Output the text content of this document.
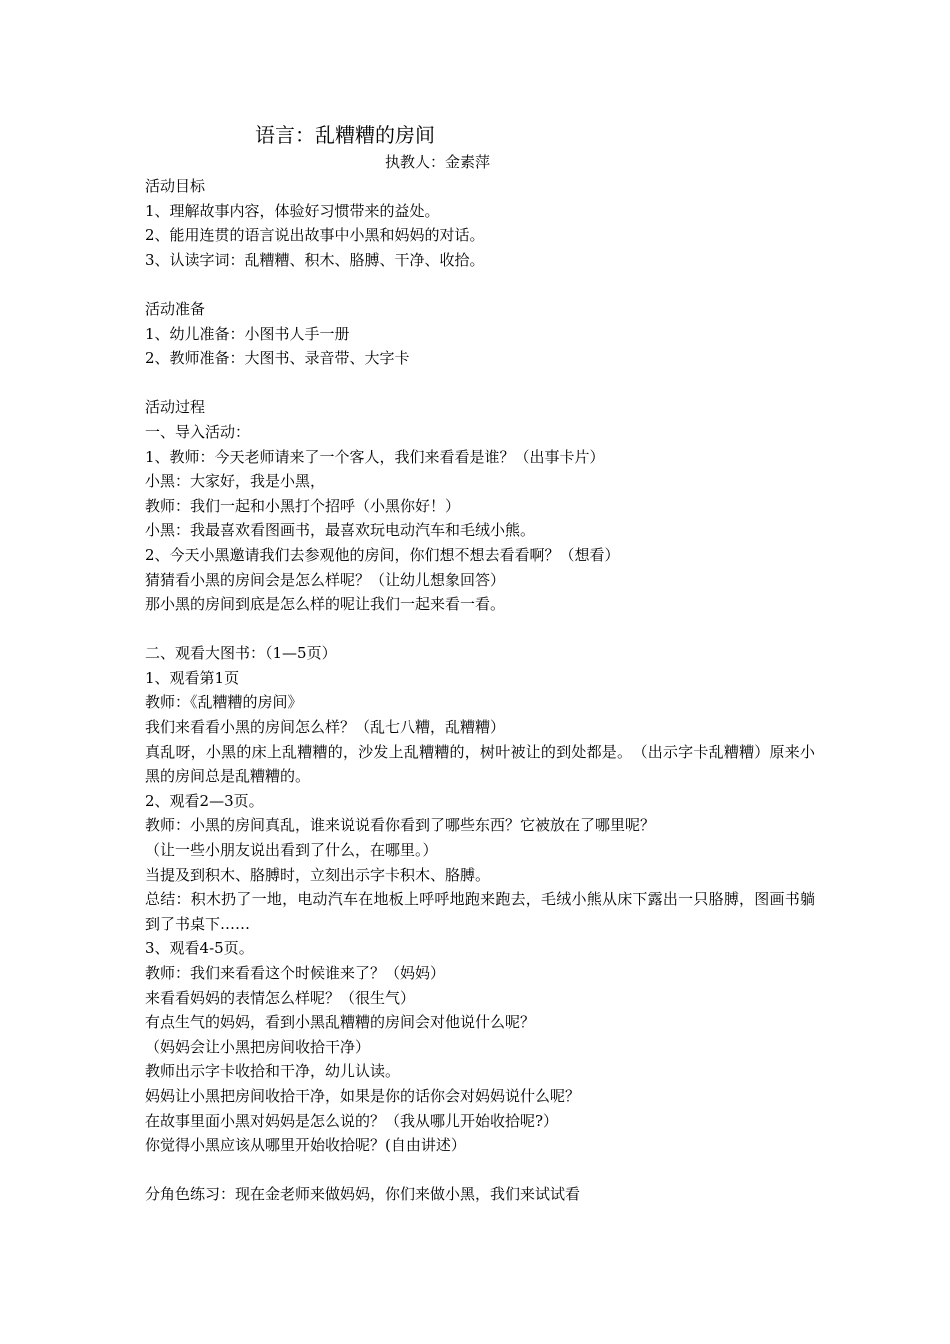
语言：乱糟糟的房间
执教人：金素萍
活动目标
1、理解故事内容，体验好习惯带来的益处。
2、能用连贯的语言说出故事中小黑和妈妈的对话。
3、认读字词：乱糟糟、积木、胳膊、干净、收拾。
活动准备
1、幼儿准备：小图书人手一册
2、教师准备：大图书、录音带、大字卡
活动过程
一、导入活动：
1、教师：今天老师请来了一个客人，我们来看看是谁？（出事卡片）
小黑：大家好，我是小黑，
教师：我们一起和小黑打个招呼（小黑你好！）
小黑：我最喜欢看图画书，最喜欢玩电动汽车和毛绒小熊。
2、今天小黑邀请我们去参观他的房间，你们想不想去看看啊？（想看）
猜猜看小黑的房间会是怎么样呢？（让幼儿想象回答）
那小黑的房间到底是怎么样的呢让我们一起来看一看。
二、观看大图书：（1—5页）
1、观看第1页
教师：《乱糟糟的房间》
我们来看看小黑的房间怎么样？（乱七八糟，乱糟糟）
真乱呀，小黑的床上乱糟糟的，沙发上乱糟糟的，树叶被让的到处都是。　（出示字卡乱糟糟）原来小黑的房间总是乱糟糟的。
2、观看2—3页。
教师：小黑的房间真乱，谁来说说看你看到了哪些东西？它被放在了哪里呢？
（让一些小朋友说出看到了什么，在哪里。）
当提及到积木、胳膊时，立刻出示字卡积木、胳膊。
总结：积木扔了一地，电动汽车在地板上呼呼地跑来跑去，毛绒小熊从床下露出一只胳膊，图画书躺到了书桌下……
3、观看4-5页。
教师：我们来看看这个时候谁来了？（妈妈）
来看看妈妈的表情怎么样呢？（很生气）
有点生气的妈妈，看到小黑乱糟糟的房间会对他说什么呢？
（妈妈会让小黑把房间收拾干净）
教师出示字卡收拾和干净，幼儿认读。
妈妈让小黑把房间收拾干净，如果是你的话你会对妈妈说什么呢？
在故事里面小黑对妈妈是怎么说的？（我从哪儿开始收拾呢?）
你觉得小黑应该从哪里开始收拾呢？(自由讲述）
分角色练习：现在金老师来做妈妈，你们来做小黑，我们来试试看
